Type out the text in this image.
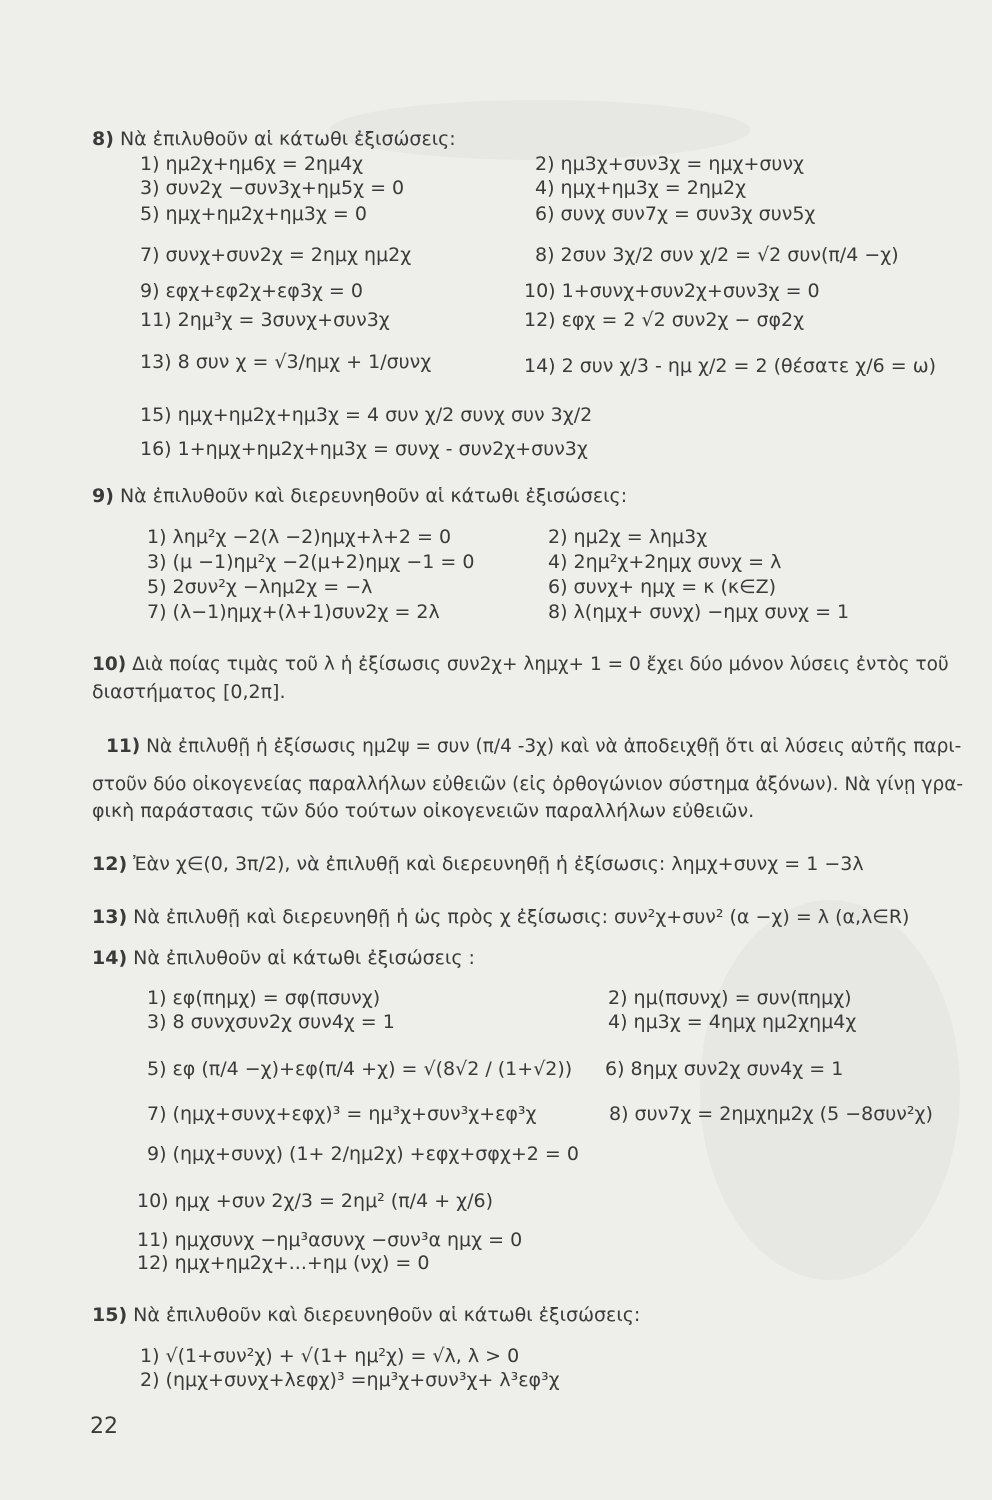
8) Νὰ ἐπιλυθοῦν αἱ κάτωθι ἐξισώσεις:
1) ημ2χ+ημ6χ = 2ημ4χ	2) ημ3χ+συν3χ = ημχ+συνχ
3) συν2χ −συν3χ+ημ5χ = 0	4) ημχ+ημ3χ = 2ημ2χ
5) ημχ+ημ2χ+ημ3χ = 0	6) συνχ συν7χ = συν3χ συν5χ
7) συνχ+συν2χ = 2ημχ ημ2χ	8) 2συν 3χ/2 συν χ/2 = √2 συν(π/4 −χ)
9) εφχ+εφ2χ+εφ3χ = 0	10) 1+συνχ+συν2χ+συν3χ = 0
11) 2ημ³χ = 3συνχ+συν3χ	12) εφχ = 2 √2 συν2χ − σφ2χ
13) 8 συν χ = √3/ημχ + 1/συνχ	14) 2 συν χ/3 - ημ χ/2 = 2 (θέσατε χ/6 = ω)
15) ημχ+ημ2χ+ημ3χ = 4 συν χ/2 συνχ συν 3χ/2
16) 1+ημχ+ημ2χ+ημ3χ = συνχ - συν2χ+συν3χ
9) Νὰ ἐπιλυθοῦν καὶ διερευνηθοῦν αἱ κάτωθι ἐξισώσεις:
1) λημ²χ −2(λ −2)ημχ+λ+2 = 0	2) ημ2χ = λημ3χ
3) (μ −1)ημ²χ −2(μ+2)ημχ −1 = 0	4) 2ημ²χ+2ημχ συνχ = λ
5) 2συν²χ −λημ2χ = −λ	6) συνχ+ ημχ = κ (κ∈Z)
7) (λ−1)ημχ+(λ+1)συν2χ = 2λ	8) λ(ημχ+ συνχ) −ημχ συνχ = 1
10) Διὰ ποίας τιμὰς τοῦ λ ἡ ἐξίσωσις συν2χ+ λημχ+ 1 = 0 ἔχει δύο μόνον λύσεις ἐντὸς τοῦ
διαστήματος [0,2π].
11) Νὰ ἐπιλυθῇ ἡ ἐξίσωσις ημ2ψ = συν (π/4 -3χ) καὶ νὰ ἀποδειχθῇ ὅτι αἱ λύσεις αὐτῆς παρι-
στοῦν δύο οἰκογενείας παραλλήλων εὐθειῶν (εἰς ὀρθογώνιον σύστημα ἀξόνων). Νὰ γίνῃ γρα-
φικὴ παράστασις τῶν δύο τούτων οἰκογενειῶν παραλλήλων εὐθειῶν.
12) Ἐὰν χ∈(0, 3π/2), νὰ ἐπιλυθῇ καὶ διερευνηθῇ ἡ ἐξίσωσις: λημχ+συνχ = 1 −3λ
13) Νὰ ἐπιλυθῇ καὶ διερευνηθῇ ἡ ὡς πρὸς χ ἐξίσωσις: συν²χ+συν² (α −χ) = λ (α,λ∈R)
14) Νὰ ἐπιλυθοῦν αἱ κάτωθι ἐξισώσεις :
1) εφ(πημχ) = σφ(πσυνχ)	2) ημ(πσυνχ) = συν(πημχ)
3) 8 συνχσυν2χ συν4χ = 1	4) ημ3χ = 4ημχ ημ2χημ4χ
5) εφ (π/4 −χ)+εφ(π/4 +χ) = √(8√2 / (1+√2)) 6) 8ημχ συν2χ συν4χ = 1
7) (ημχ+συνχ+εφχ)³ = ημ³χ+συν³χ+εφ³χ	8) συν7χ = 2ημχημ2χ (5 −8συν²χ)
9) (ημχ+συνχ) (1+ 2/ημ2χ) +εφχ+σφχ+2 = 0
10) ημχ +συν 2χ/3 = 2ημ² (π/4 + χ/6)
11) ημχσυνχ −ημ³ασυνχ −συν³α ημχ = 0
12) ημχ+ημ2χ+...+ημ (νχ) = 0
15) Νὰ ἐπιλυθοῦν καὶ διερευνηθοῦν αἱ κάτωθι ἐξισώσεις:
1) √(1+συν²χ) + √(1+ ημ²χ) = √λ, λ > 0
2) (ημχ+συνχ+λεφχ)³ =ημ³χ+συν³χ+ λ³εφ³χ
22
